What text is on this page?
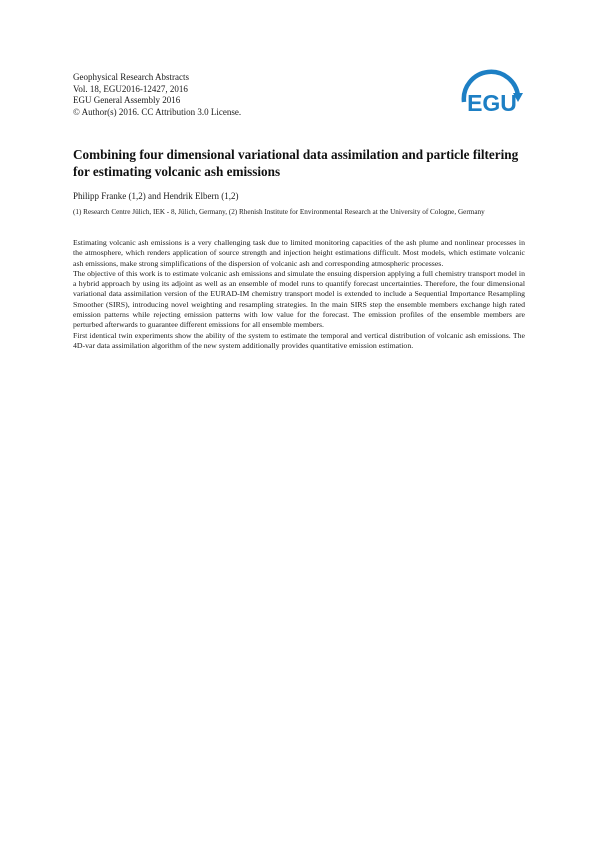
Geophysical Research Abstracts
Vol. 18, EGU2016-12427, 2016
EGU General Assembly 2016
© Author(s) 2016. CC Attribution 3.0 License.	EGU
Combining four dimensional variational data assimilation and particle filtering for estimating volcanic ash emissions
Philipp Franke (1,2) and Hendrik Elbern (1,2)
(1) Research Centre Jülich, IEK - 8, Jülich, Germany, (2) Rhenish Institute for Environmental Research at the University of Cologne, Germany

Estimating volcanic ash emissions is a very challenging task due to limited monitoring capacities of the ash plume and nonlinear processes in the atmosphere, which renders application of source strength and injection height estimations difficult. Most models, which estimate volcanic ash emissions, make strong simplifications of the dispersion of volcanic ash and corresponding atmospheric processes.

The objective of this work is to estimate volcanic ash emissions and simulate the ensuing dispersion applying a full chemistry transport model in a hybrid approach by using its adjoint as well as an ensemble of model runs to quantify forecast uncertainties. Therefore, the four dimensional variational data assimilation version of the EURAD-IM chemistry transport model is extended to include a Sequential Importance Resampling Smoother (SIRS), introducing novel weighting and resampling strategies. In the main SIRS step the ensemble members exchange high rated emission patterns while rejecting emission patterns with low value for the forecast. The emission profiles of the ensemble members are perturbed afterwards to guarantee different emissions for all ensemble members.

First identical twin experiments show the ability of the system to estimate the temporal and vertical distribution of volcanic ash emissions. The 4D-var data assimilation algorithm of the new system additionally provides quantitative emission estimation.
